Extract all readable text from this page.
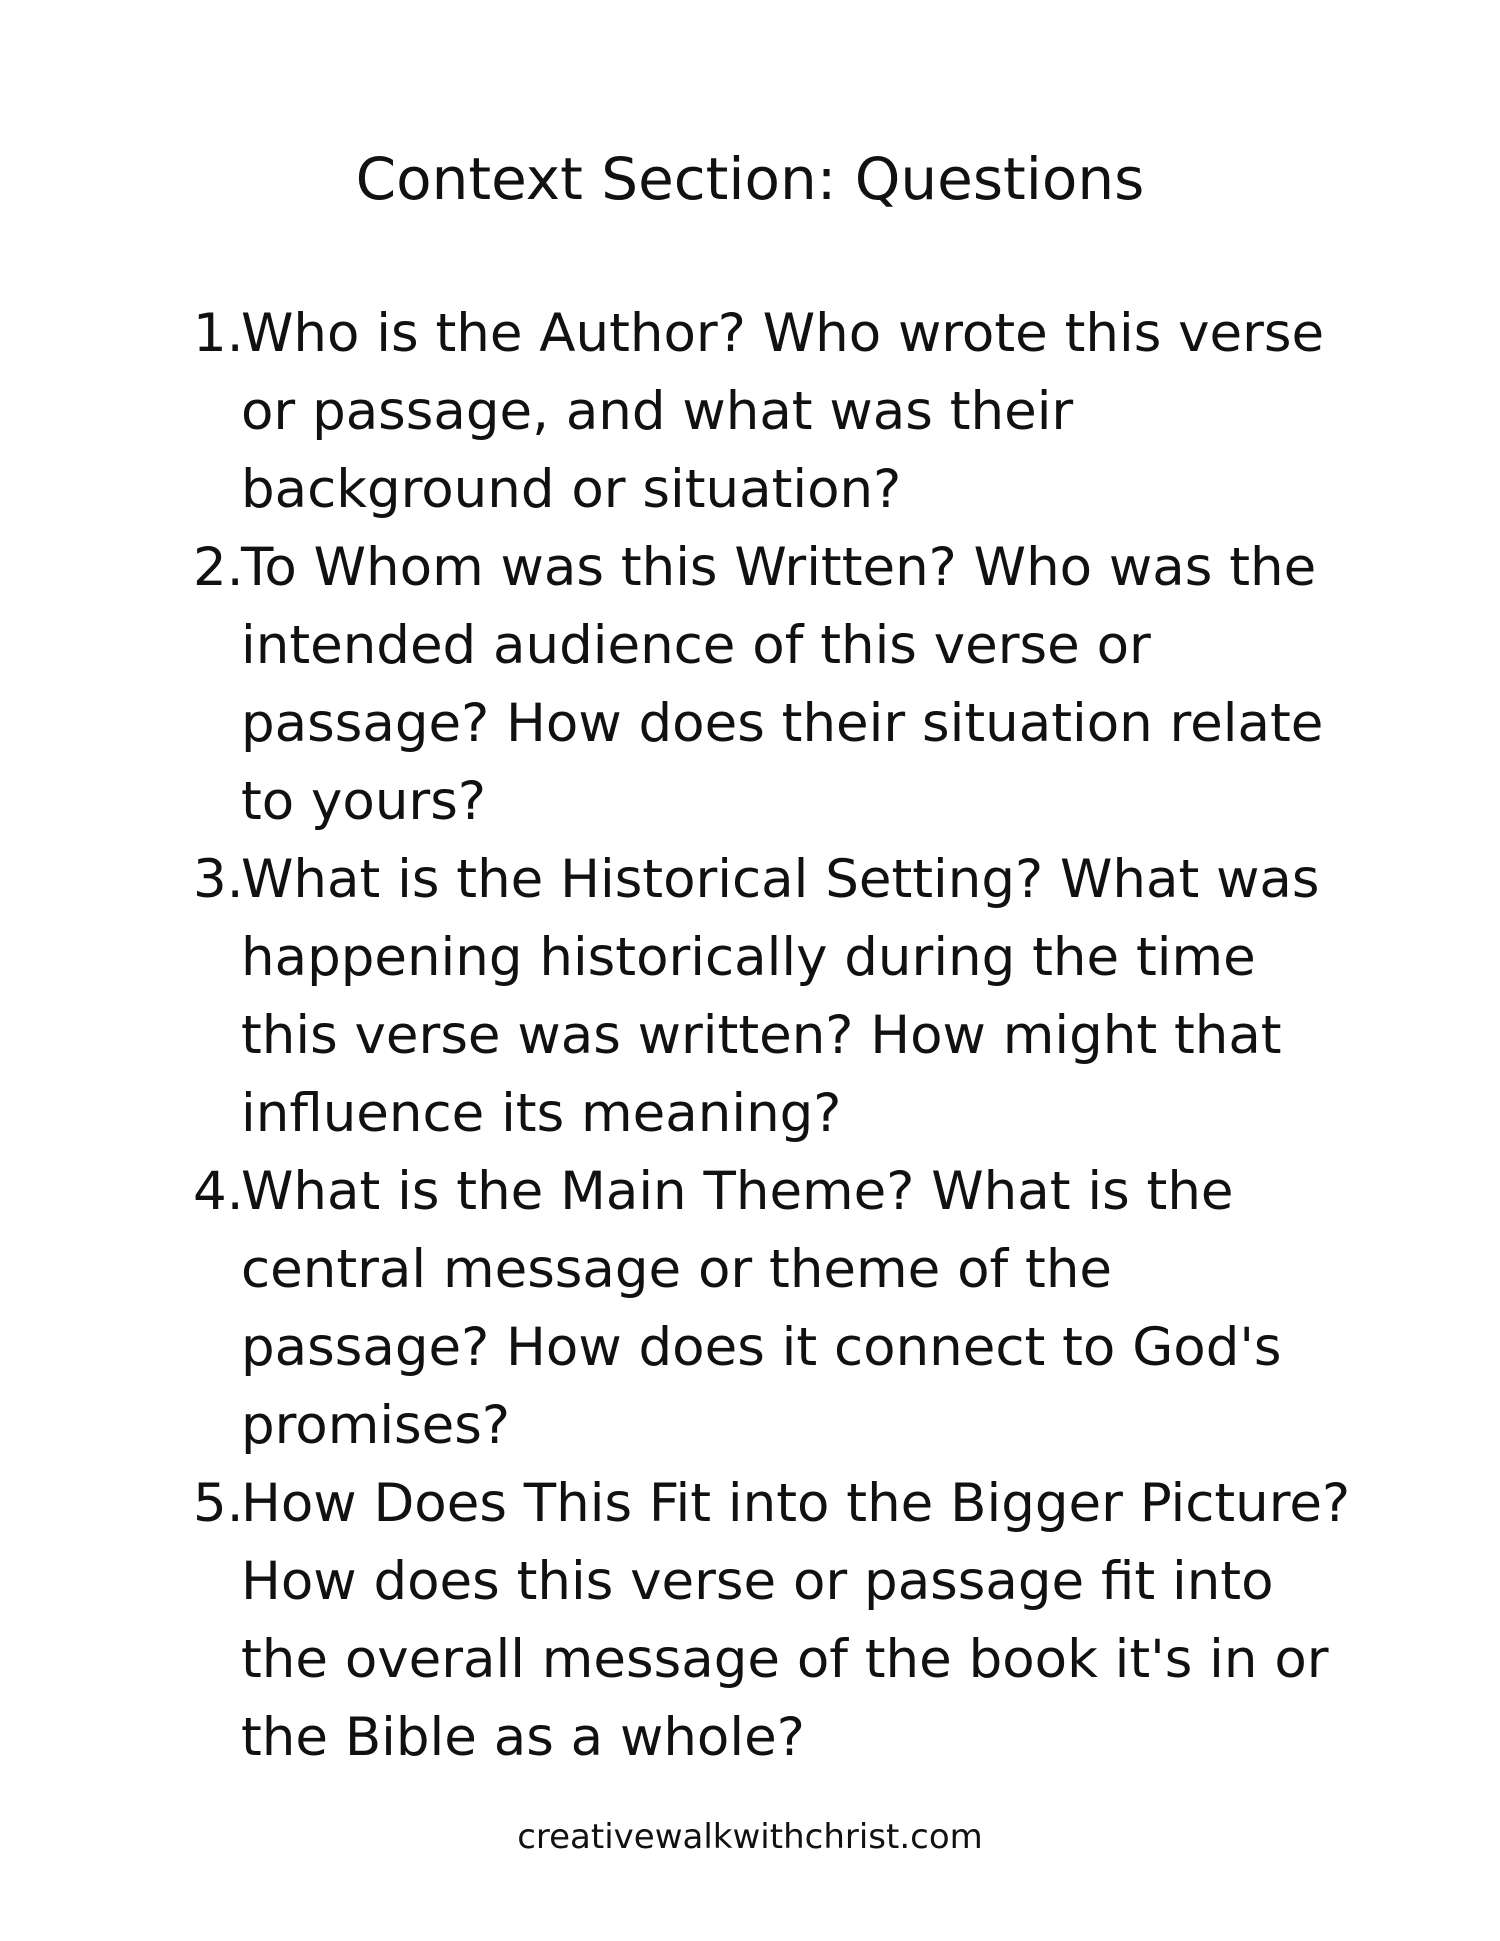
Context Section: Questions
1.
Who is the Author? Who wrote this verse or passage, and what was their background or situation?
2.
To Whom was this Written? Who was the intended audience of this verse or passage? How does their situation relate to yours?
3.
What is the Historical Setting? What was happening historically during the time this verse was written? How might that influence its meaning?
4.
What is the Main Theme? What is the central message or theme of the passage? How does it connect to God's promises?
5.
How Does This Fit into the Bigger Picture? How does this verse or passage fit into the overall message of the book it's in or the Bible as a whole?

creativewalkwithchrist.com
